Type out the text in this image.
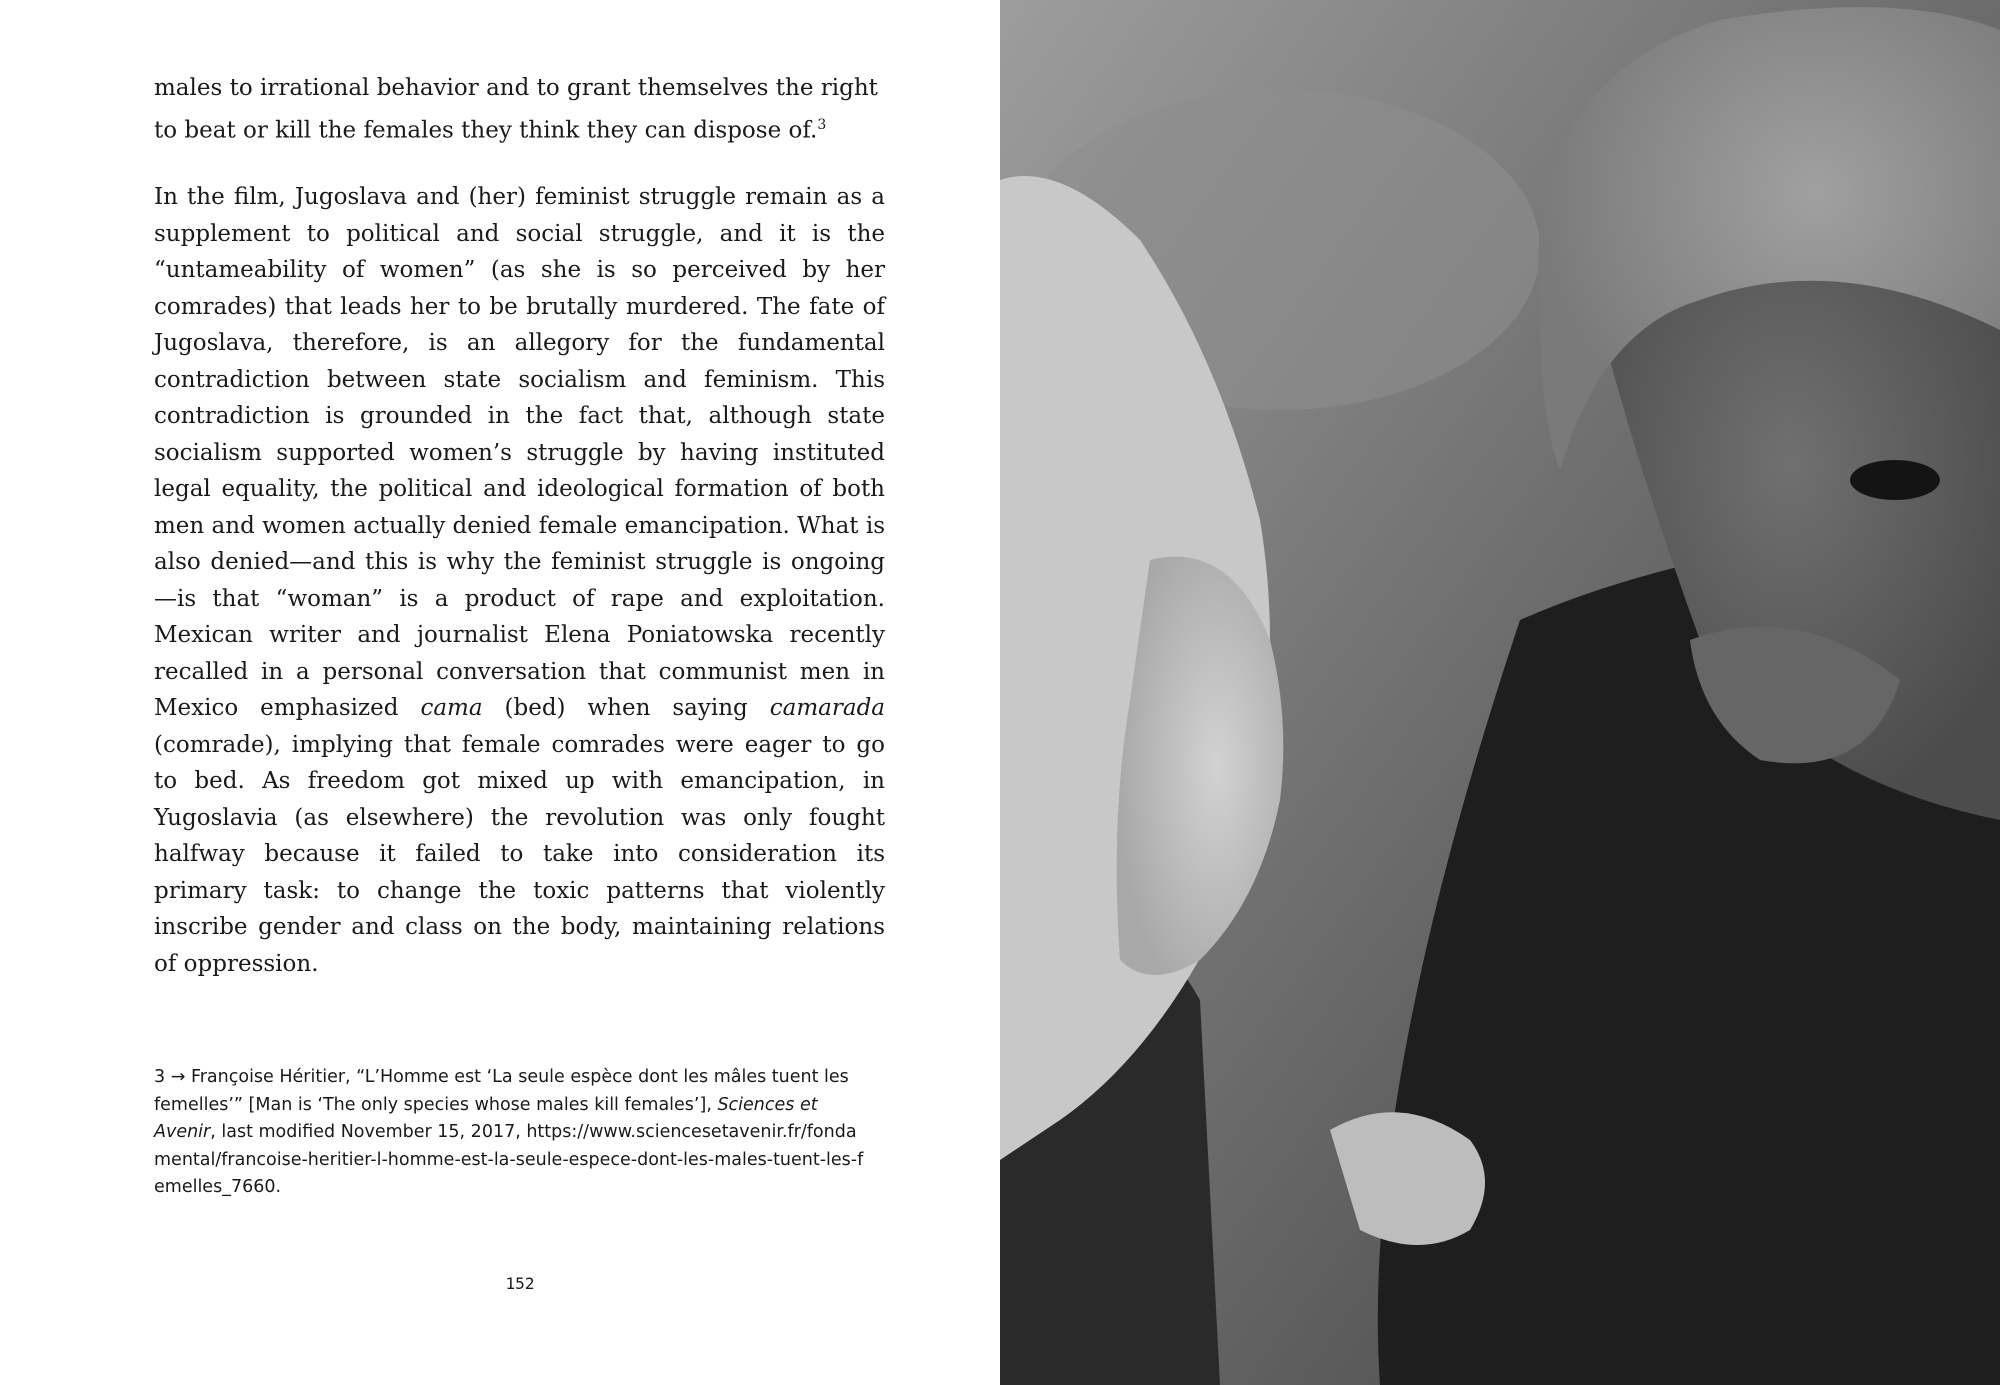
males to irrational behavior and to grant themselves the right to beat or kill the females they think they can dispose of.$^3$

In the film, Jugoslava and (her) feminist struggle remain as a supplement to political and social struggle, and it is the “untameability of women” (as she is so perceived by her comrades) that leads her to be brutally murdered. The fate of Jugoslava, therefore, is an allegory for the fundamental contradiction between state socialism and feminism. This contradiction is grounded in the fact that, although state socialism supported women’s struggle by having instituted legal equality, the political and ideological formation of both men and women actually denied female emancipation. What is also denied—and this is why the feminist struggle is ongoing—is that “woman” is a product of rape and exploitation. Mexican writer and journalist Elena Poniatowska recently recalled in a personal conversation that communist men in Mexico emphasized cama (bed) when saying camarada (comrade), implying that female comrades were eager to go to bed. As freedom got mixed up with emancipation, in Yugoslavia (as elsewhere) the revolution was only fought halfway because it failed to take into consideration its primary task: to change the toxic patterns that violently inscribe gender and class on the body, maintaining relations of oppression.

3 → Françoise Héritier, “L’Homme est ‘La seule espèce dont les mâles tuent les femelles’” [Man is ‘The only species whose males kill females’], Sciences et Avenir, last modified November 15, 2017, https://www.sciencesetavenir.fr/fondamental/francoise-heritier-l-homme-est-la-seule-espece-dont-les-males-tuent-les-femelles_7660.

152
